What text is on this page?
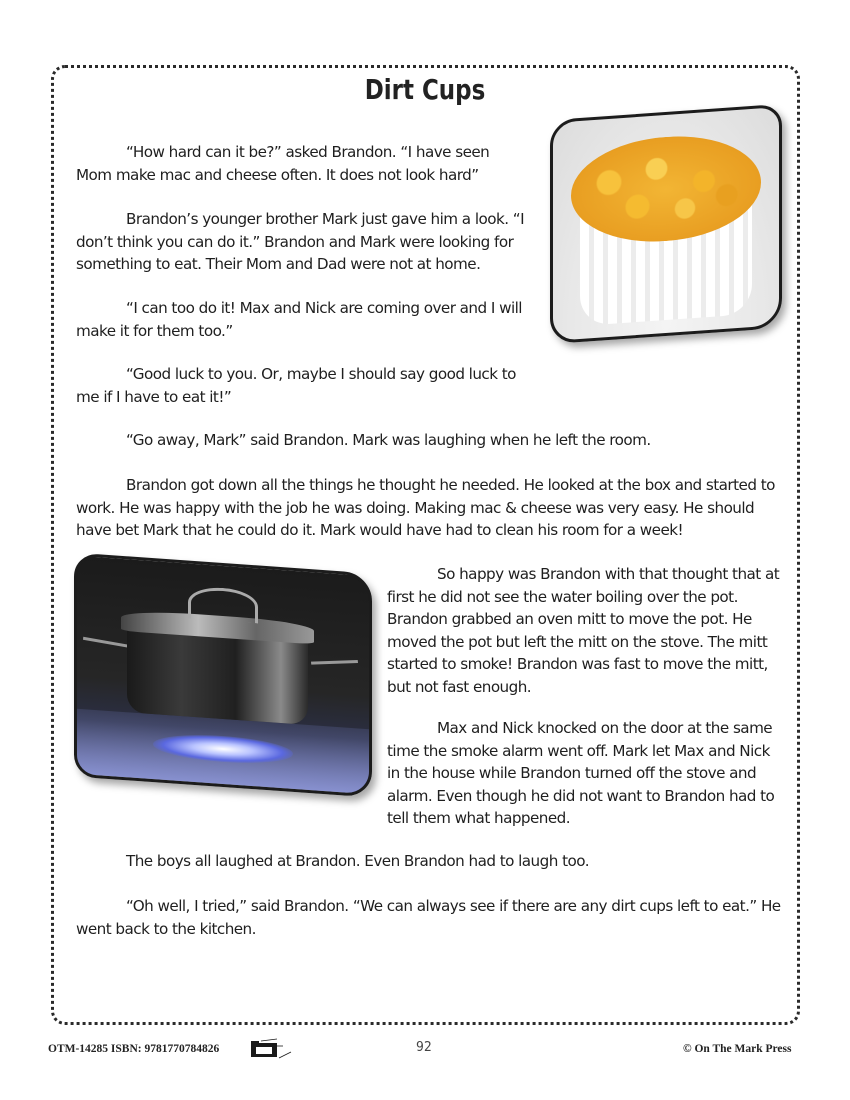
Dirt Cups

“How hard can it be?” asked Brandon. “I have seen Mom make mac and cheese often. It does not look hard”

Brandon’s younger brother Mark just gave him a look. “I don’t think you can do it.” Brandon and Mark were looking for something to eat. Their Mom and Dad were not at home.

“I can too do it! Max and Nick are coming over and I will make it for them too.”

“Good luck to you. Or, maybe I should say good luck to me if I have to eat it!”

“Go away, Mark” said Brandon. Mark was laughing when he left the room.

Brandon got down all the things he thought he needed. He looked at the box and started to work. He was happy with the job he was doing. Making mac & cheese was very easy. He should have bet Mark that he could do it. Mark would have had to clean his room for a week!

So happy was Brandon with that thought that at first he did not see the water boiling over the pot. Brandon grabbed an oven mitt to move the pot. He moved the pot but left the mitt on the stove. The mitt started to smoke! Brandon was fast to move the mitt, but not fast enough.

Max and Nick knocked on the door at the same time the smoke alarm went off. Mark let Max and Nick in the house while Brandon turned off the stove and alarm. Even though he did not want to Brandon had to tell them what happened.

The boys all laughed at Brandon. Even Brandon had to laugh too.

“Oh well, I tried,” said Brandon. “We can always see if there are any dirt cups left to eat.” He went back to the kitchen.

OTM-14285 ISBN: 9781770784826	92	© On The Mark Press
